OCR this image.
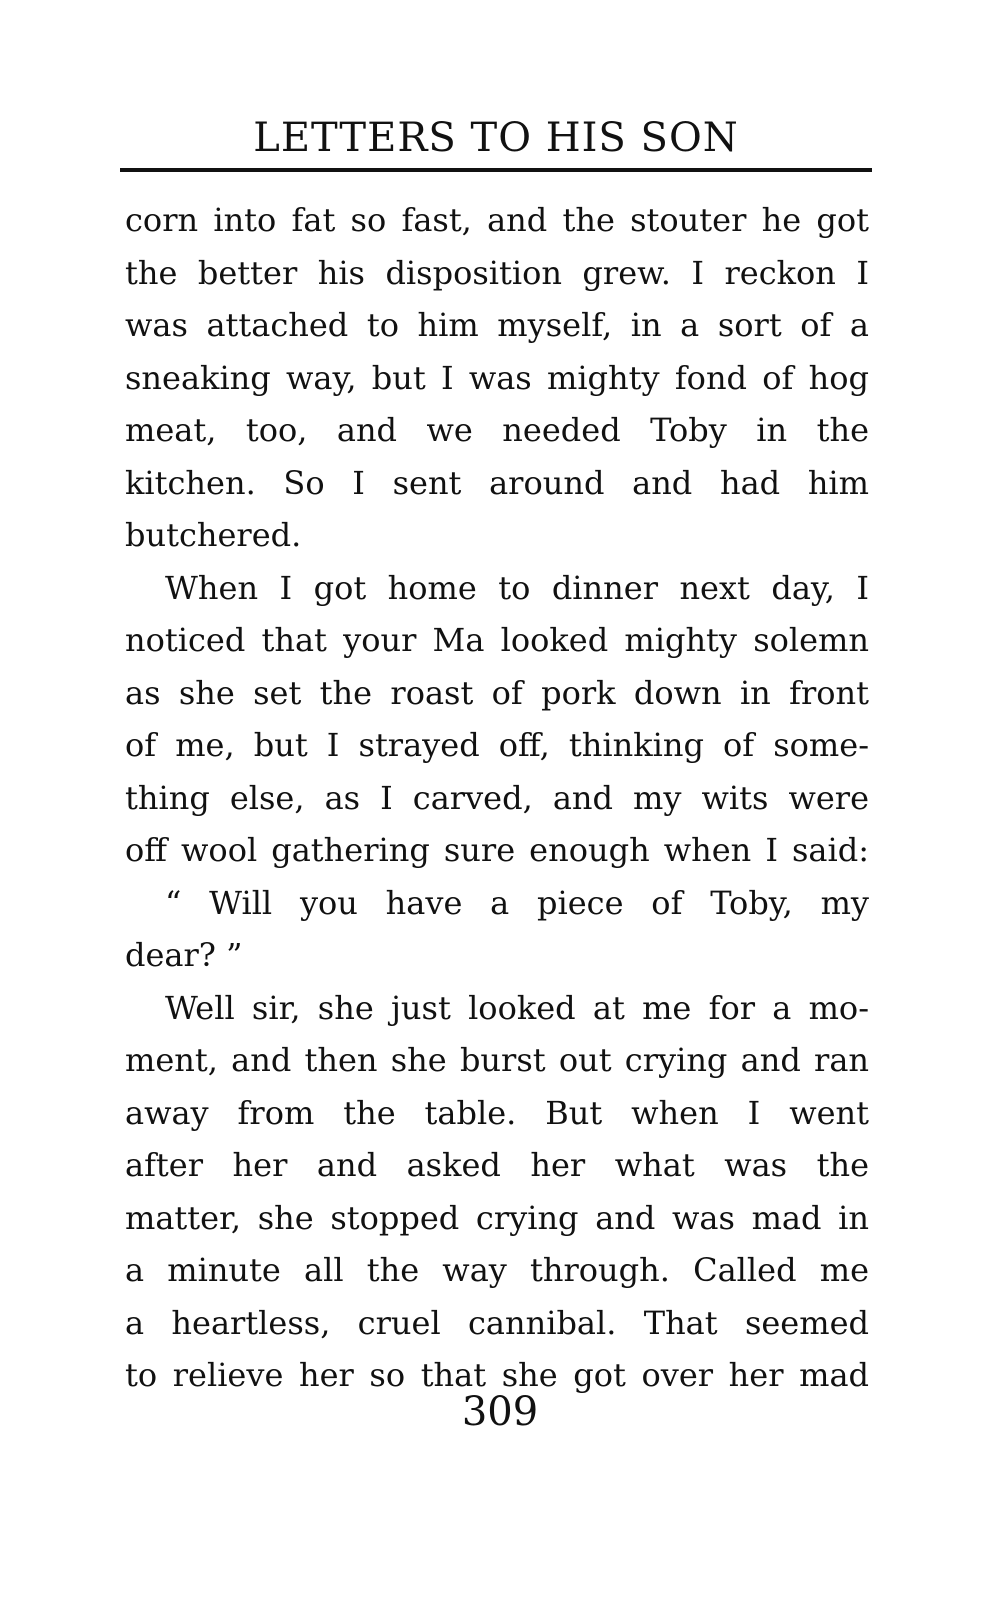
LETTERS TO HIS SON
corn into fat so fast, and the stouter he got
the better his disposition grew. I reckon I
was attached to him myself, in a sort of a
sneaking way, but I was mighty fond of hog
meat, too, and we needed Toby in the
kitchen. So I sent around and had him
butchered.
When I got home to dinner next day, I
noticed that your Ma looked mighty solemn
as she set the roast of pork down in front
of me, but I strayed off, thinking of some-
thing else, as I carved, and my wits were
off wool gathering sure enough when I said:
“ Will you have a piece of Toby, my
dear? ”
Well sir, she just looked at me for a mo-
ment, and then she burst out crying and ran
away from the table. But when I went
after her and asked her what was the
matter, she stopped crying and was mad in
a minute all the way through. Called me
a heartless, cruel cannibal. That seemed
to relieve her so that she got over her mad
309
